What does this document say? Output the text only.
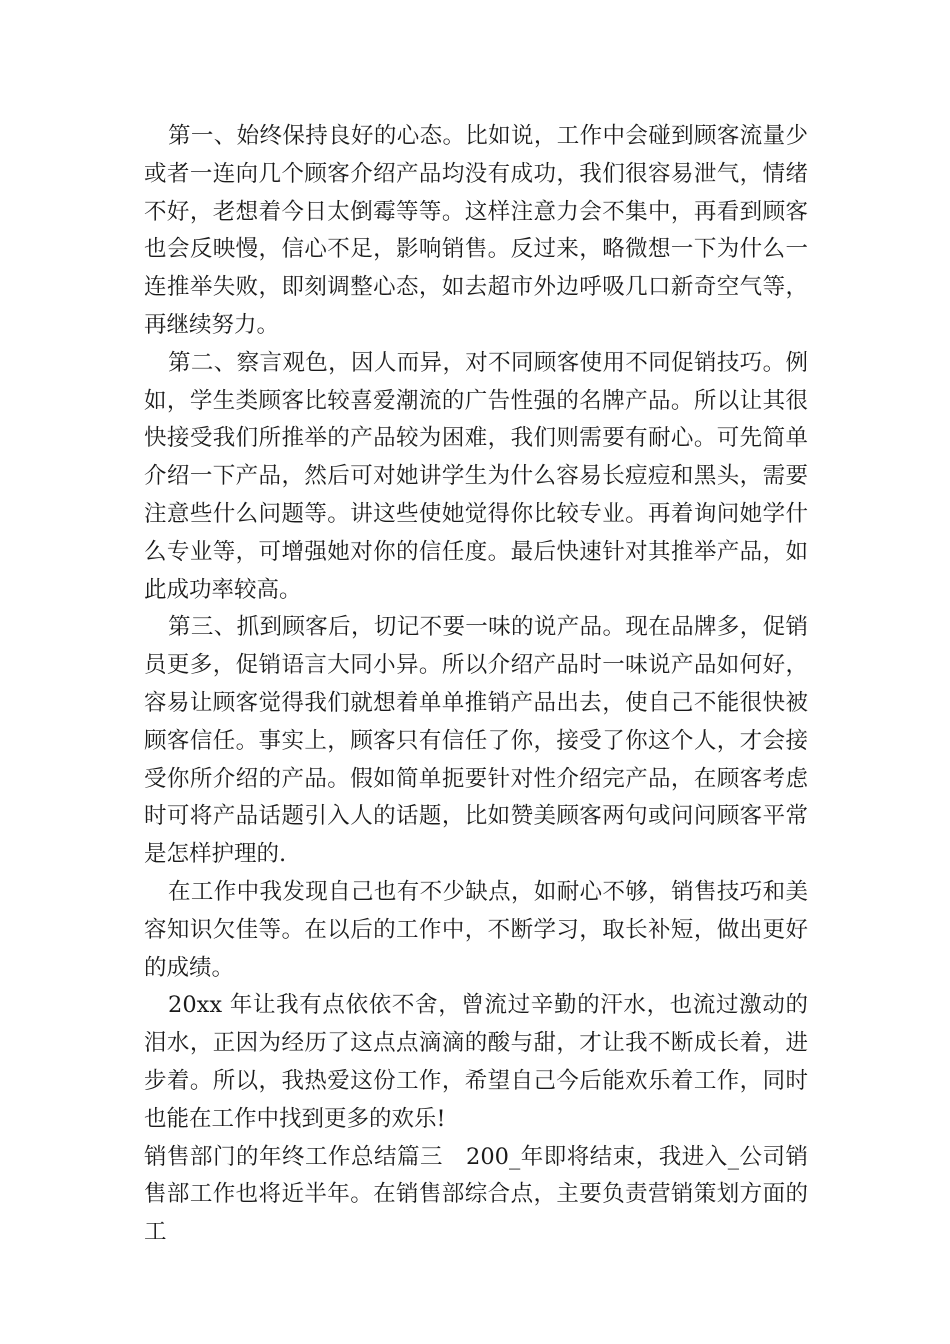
第一、始终保持良好的心态。比如说，工作中会碰到顾客流量少或者一连向几个顾客介绍产品均没有成功，我们很容易泄气，情绪不好，老想着今日太倒霉等等。这样注意力会不集中，再看到顾客也会反映慢，信心不足，影响销售。反过来，略微想一下为什么一连推举失败，即刻调整心态，如去超市外边呼吸几口新奇空气等，再继续努力。

第二、察言观色，因人而异，对不同顾客使用不同促销技巧。例如，学生类顾客比较喜爱潮流的广告性强的名牌产品。所以让其很快接受我们所推举的产品较为困难，我们则需要有耐心。可先简单介绍一下产品，然后可对她讲学生为什么容易长痘痘和黑头，需要注意些什么问题等。讲这些使她觉得你比较专业。再着询问她学什么专业等，可增强她对你的信任度。最后快速针对其推举产品，如此成功率较高。

第三、抓到顾客后，切记不要一味的说产品。现在品牌多，促销员更多，促销语言大同小异。所以介绍产品时一味说产品如何好，容易让顾客觉得我们就想着单单推销产品出去，使自己不能很快被顾客信任。事实上，顾客只有信任了你，接受了你这个人，才会接受你所介绍的产品。假如简单扼要针对性介绍完产品，在顾客考虑时可将产品话题引入人的话题，比如赞美顾客两句或问问顾客平常是怎样护理的.

在工作中我发现自己也有不少缺点，如耐心不够，销售技巧和美容知识欠佳等。在以后的工作中，不断学习，取长补短，做出更好的成绩。

20xx 年让我有点依依不舍，曾流过辛勤的汗水，也流过激动的泪水，正因为经历了这点点滴滴的酸与甜，才让我不断成长着，进步着。所以，我热爱这份工作，希望自己今后能欢乐着工作，同时也能在工作中找到更多的欢乐!

销售部门的年终工作总结篇三 200_年即将结束，我进入_公司销售部工作也将近半年。在销售部综合点，主要负责营销策划方面的工
